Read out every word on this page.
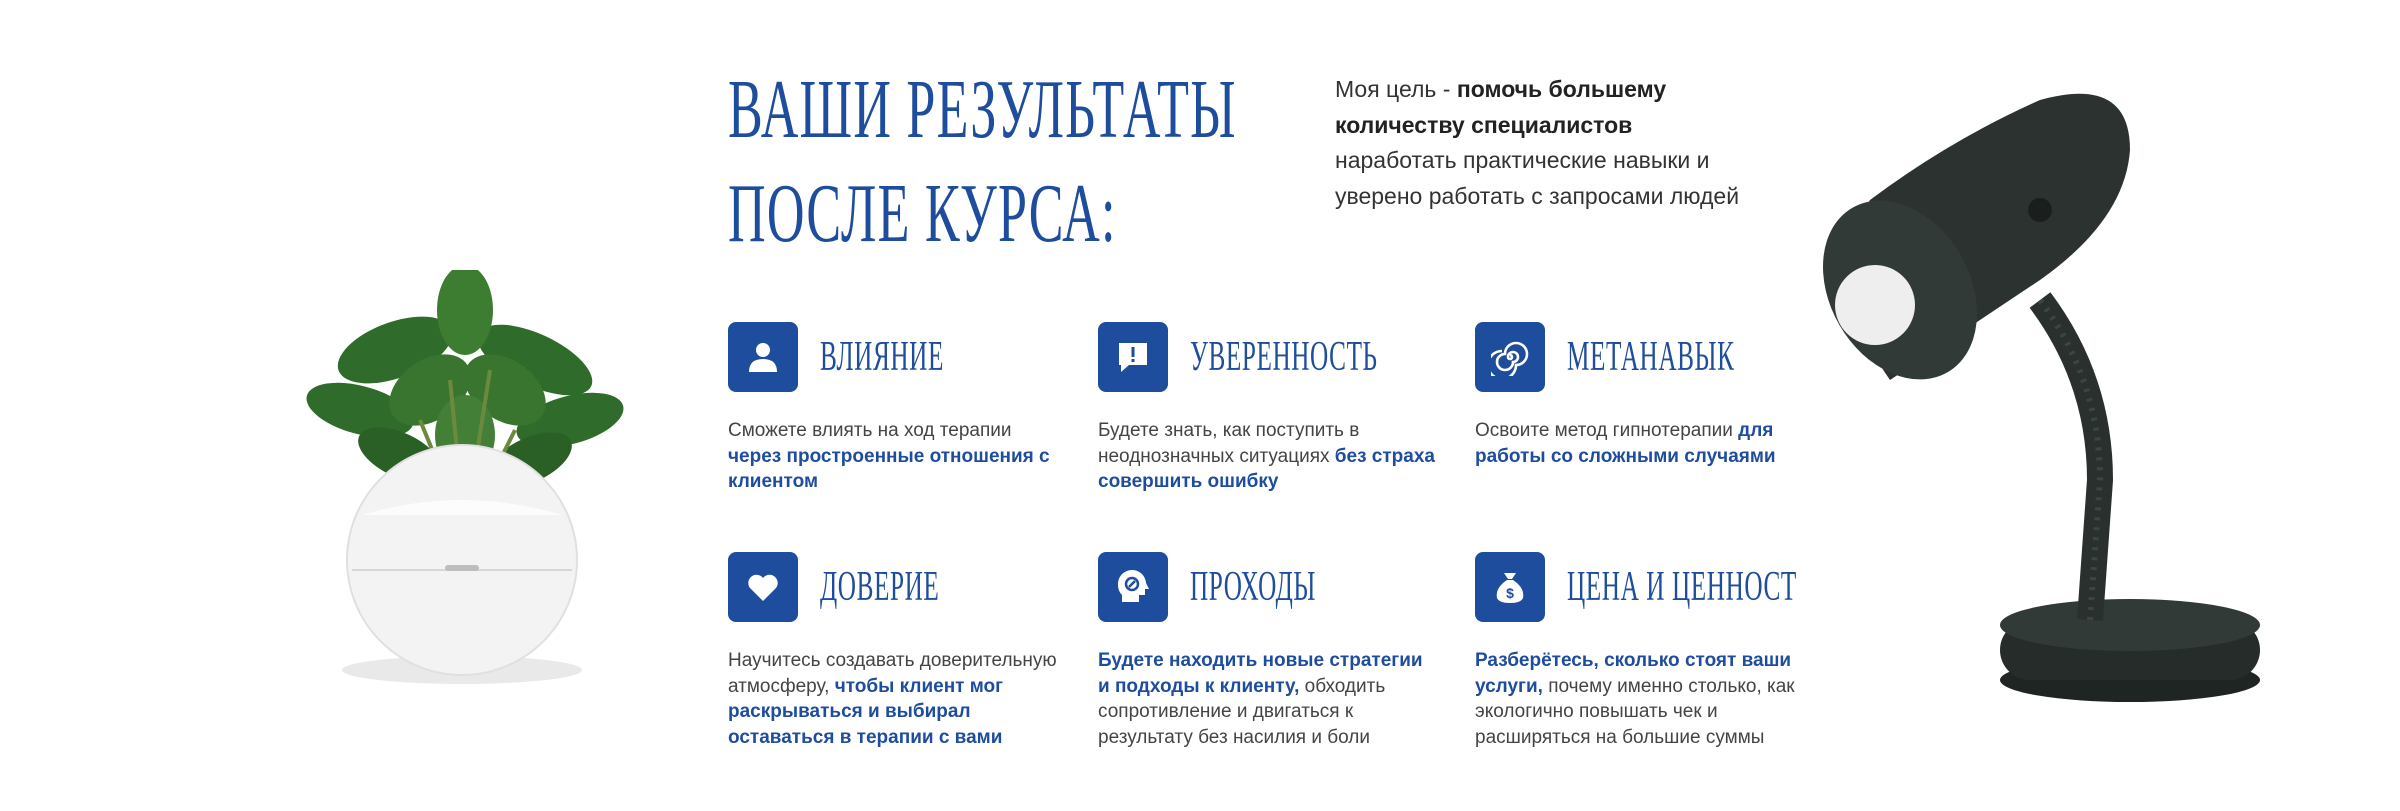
ВАШИ РЕЗУЛЬТАТЫ
ПОСЛЕ КУРСА:
Моя цель - помочь большему количеству специалистов наработать практические навыки и уверено работать с запросами людей
ВЛИЯНИЕ
Сможете влиять на ход терапии через простроенные отношения с клиентом
УВЕРЕННОСТЬ
Будете знать, как поступить в неоднозначных ситуациях без страха совершить ошибку
МЕТАНАВЫК
Освоите метод гипнотерапии для работы со сложными случаями
ДОВЕРИЕ
Научитесь создавать доверительную атмосферу, чтобы клиент мог раскрываться и выбирал оставаться в терапии с вами
ПРОХОДЫ
Будете находить новые стратегии и подходы к клиенту, обходить сопротивление и двигаться к результату без насилия и боли
$ ЦЕНА И ЦЕННОСТ
Разберётесь, сколько стоят ваши услуги, почему именно столько, как экологично повышать чек и расширяться на большие суммы
